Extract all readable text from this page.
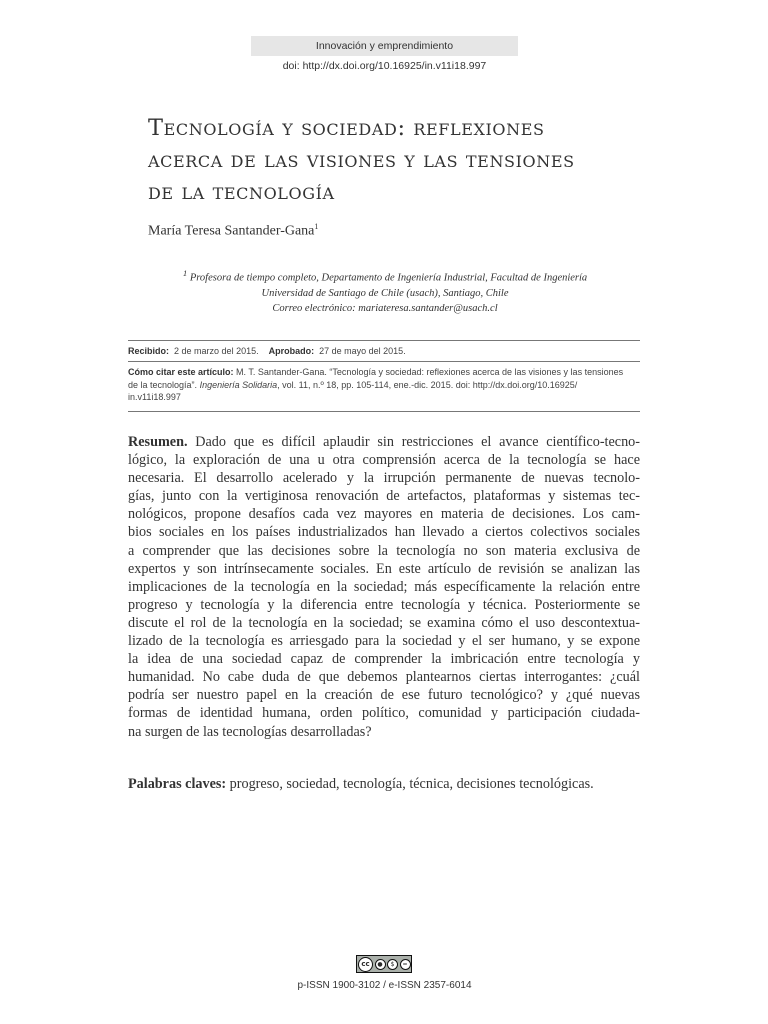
Innovación y emprendimiento
doi: http://dx.doi.org/10.16925/in.v11i18.997
Tecnología y sociedad: reflexiones
acerca de las visiones y las tensiones
de la tecnología
María Teresa Santander-Gana$^1$
$^1$ Profesora de tiempo completo, Departamento de Ingeniería Industrial, Facultad de Ingeniería
Universidad de Santiago de Chile (usach), Santiago, Chile
Correo electrónico: mariateresa.santander@usach.cl
Recibido: 2 de marzo del 2015. Aprobado: 27 de mayo del 2015.
Cómo citar este artículo: M. T. Santander-Gana. “Tecnología y sociedad: reflexiones acerca de las visiones y las tensiones
de la tecnología”. Ingeniería Solidaria, vol. 11, n.º 18, pp. 105-114, ene.-dic. 2015. doi: http://dx.doi.org/10.16925/
in.v11i18.997
Resumen. Dado que es difícil aplaudir sin restricciones el avance científico-tecno-
lógico, la exploración de una u otra comprensión acerca de la tecnología se hace
necesaria. El desarrollo acelerado y la irrupción permanente de nuevas tecnolo-
gías, junto con la vertiginosa renovación de artefactos, plataformas y sistemas tec-
nológicos, propone desafíos cada vez mayores en materia de decisiones. Los cam-
bios sociales en los países industrializados han llevado a ciertos colectivos sociales
a comprender que las decisiones sobre la tecnología no son materia exclusiva de
expertos y son intrínsecamente sociales. En este artículo de revisión se analizan las
implicaciones de la tecnología en la sociedad; más específicamente la relación entre
progreso y tecnología y la diferencia entre tecnología y técnica. Posteriormente se
discute el rol de la tecnología en la sociedad; se examina cómo el uso descontextua-
lizado de la tecnología es arriesgado para la sociedad y el ser humano, y se expone
la idea de una sociedad capaz de comprender la imbricación entre tecnología y
humanidad. No cabe duda de que debemos plantearnos ciertas interrogantes: ¿cuál
podría ser nuestro papel en la creación de ese futuro tecnológico? y ¿qué nuevas
formas de identidad humana, orden político, comunidad y participación ciudada-
na surgen de las tecnologías desarrolladas?
Palabras claves: progreso, sociedad, tecnología, técnica, decisiones tecnológicas.
cc	●	$	=
p-ISSN 1900-3102 / e-ISSN 2357-6014
